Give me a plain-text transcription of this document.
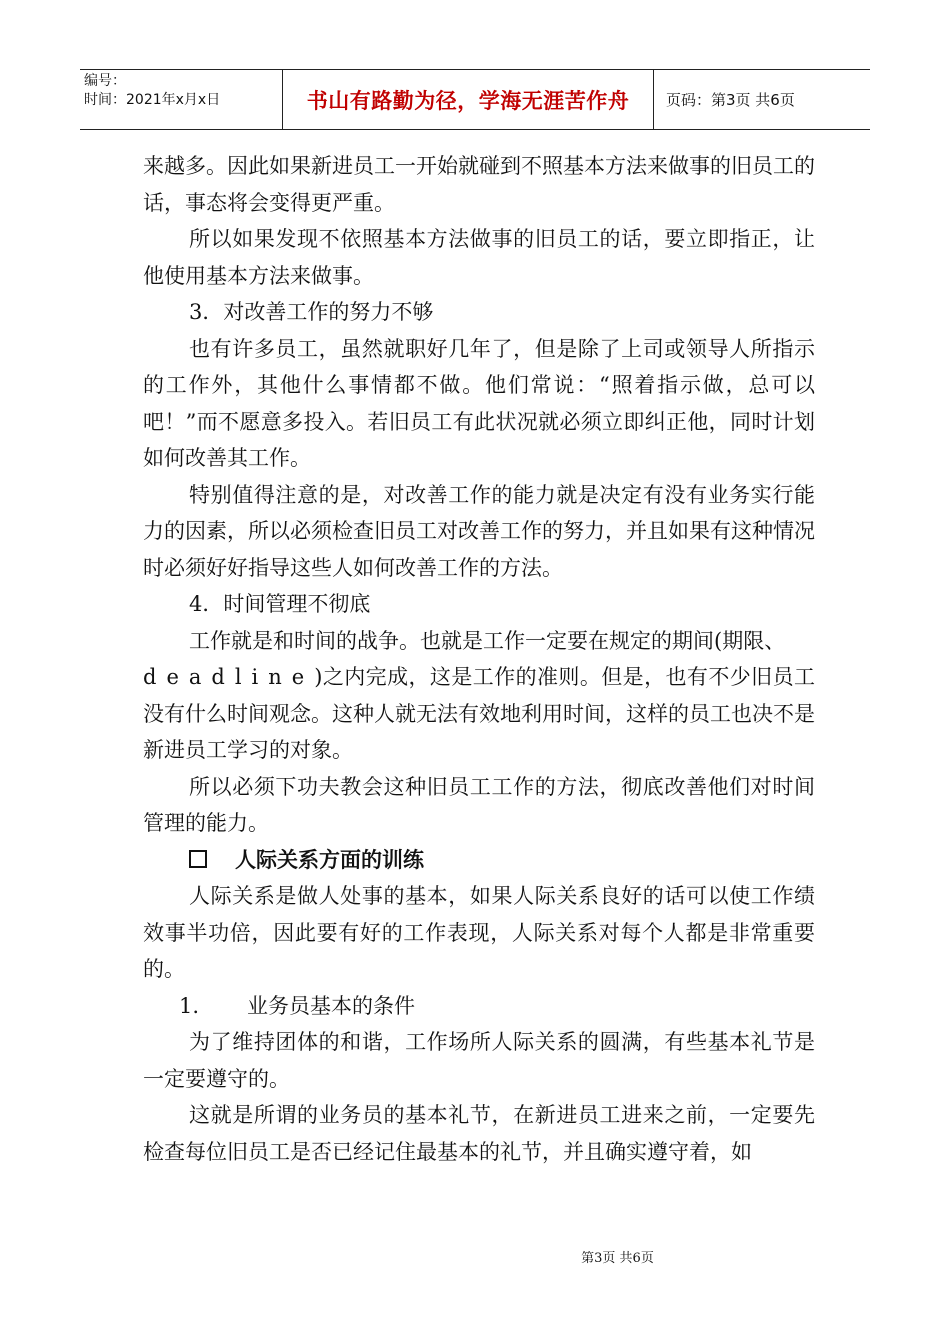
编号：
时间：2021年x月x日	书山有路勤为径，学海无涯苦作舟 页码：第3页 共6页

来越多。因此如果新进员工一开始就碰到不照基本方法来做事的旧员工的话，事态将会变得更严重。

所以如果发现不依照基本方法做事的旧员工的话，要立即指正，让他使用基本方法来做事。

3．对改善工作的努力不够

也有许多员工，虽然就职好几年了，但是除了上司或领导人所指示的工作外，其他什么事情都不做。他们常说：“照着指示做，总可以吧！”而不愿意多投入。若旧员工有此状况就必须立即纠正他，同时计划如何改善其工作。

特别值得注意的是，对改善工作的能力就是决定有没有业务实行能力的因素，所以必须检查旧员工对改善工作的努力，并且如果有这种情况时必须好好指导这些人如何改善工作的方法。

4．时间管理不彻底

工作就是和时间的战争。也就是工作一定要在规定的期间(期限、

deadline)之内完成，这是工作的准则。但是，也有不少旧员工没有什么时间观念。这种人就无法有效地利用时间，这样的员工也决不是新进员工学习的对象。

所以必须下功夫教会这种旧员工工作的方法，彻底改善他们对时间管理的能力。

人际关系方面的训练

人际关系是做人处事的基本，如果人际关系良好的话可以使工作绩效事半功倍，因此要有好的工作表现，人际关系对每个人都是非常重要的。

1. 业务员基本的条件

为了维持团体的和谐，工作场所人际关系的圆满，有些基本礼节是一定要遵守的。

这就是所谓的业务员的基本礼节，在新进员工进来之前，一定要先检查每位旧员工是否已经记住最基本的礼节，并且确实遵守着，如

第3页 共6页
